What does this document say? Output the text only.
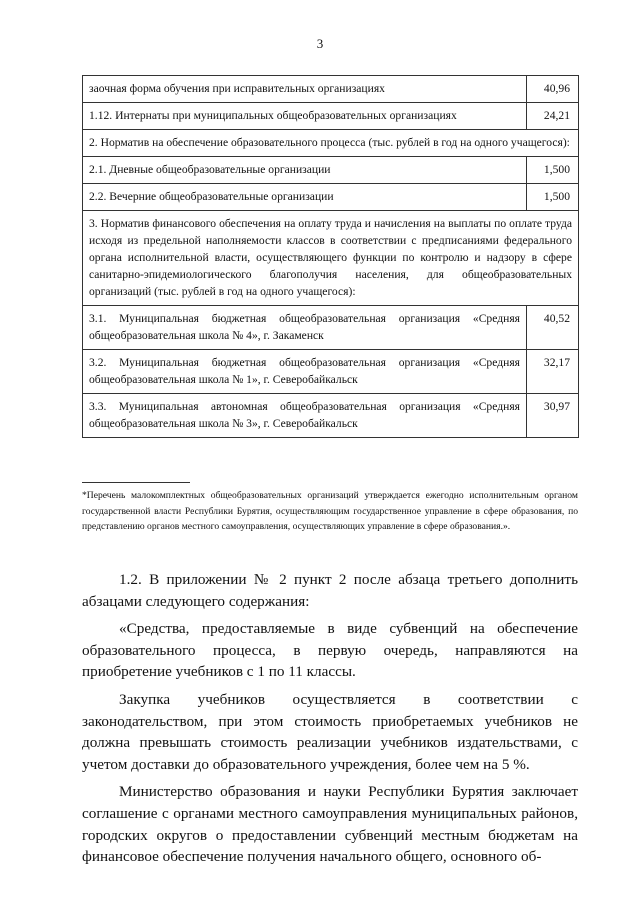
3
заочная форма обучения при исправительных организациях	40,96
1.12. Интернаты при муниципальных общеобразовательных организациях	24,21
2. Норматив на обеспечение образовательного процесса (тыс. рублей в год на одного учащегося):	
2.1. Дневные общеобразовательные организации	1,500
2.2. Вечерние общеобразовательные организации	1,500
3. Норматив финансового обеспечения на оплату труда и начисления на выплаты по оплате труда исходя из предельной наполняемости классов в соответствии с предписаниями федерального органа исполнительной власти, осуществляющего функции по контролю и надзору в сфере санитарно-эпидемиологического благополучия населения, для общеобразовательных организаций (тыс. рублей в год на одного учащегося):	
3.1. Муниципальная бюджетная общеобразовательная организация «Средняя общеобразовательная школа № 4», г. Закаменск	40,52
3.2. Муниципальная бюджетная общеобразовательная организация «Средняя общеобразовательная школа № 1», г. Северобайкальск	32,17
3.3. Муниципальная автономная общеобразовательная организация «Средняя общеобразовательная школа № 3», г. Северобайкальск	30,97
*Перечень малокомплектных общеобразовательных организаций утверждается ежегодно исполнительным органом государственной власти Республики Бурятия, осуществляющим государственное управление в сфере образования, по представлению органов местного самоуправления, осуществляющих управление в сфере образования.».

1.2. В приложении № 2 пункт 2 после абзаца третьего дополнить абзацами следующего содержания:

«Средства, предоставляемые в виде субвенций на обеспечение образовательного процесса, в первую очередь, направляются на приобретение учебников с 1 по 11 классы.

Закупка учебников осуществляется в соответствии с законодательством, при этом стоимость приобретаемых учебников не должна превышать стоимость реализации учебников издательствами, с учетом доставки до образовательного учреждения, более чем на 5 %.

Министерство образования и науки Республики Бурятия заключает соглашение с органами местного самоуправления муниципальных районов, городских округов о предоставлении субвенций местным бюджетам на финансовое обеспечение получения начального общего, основного об-
